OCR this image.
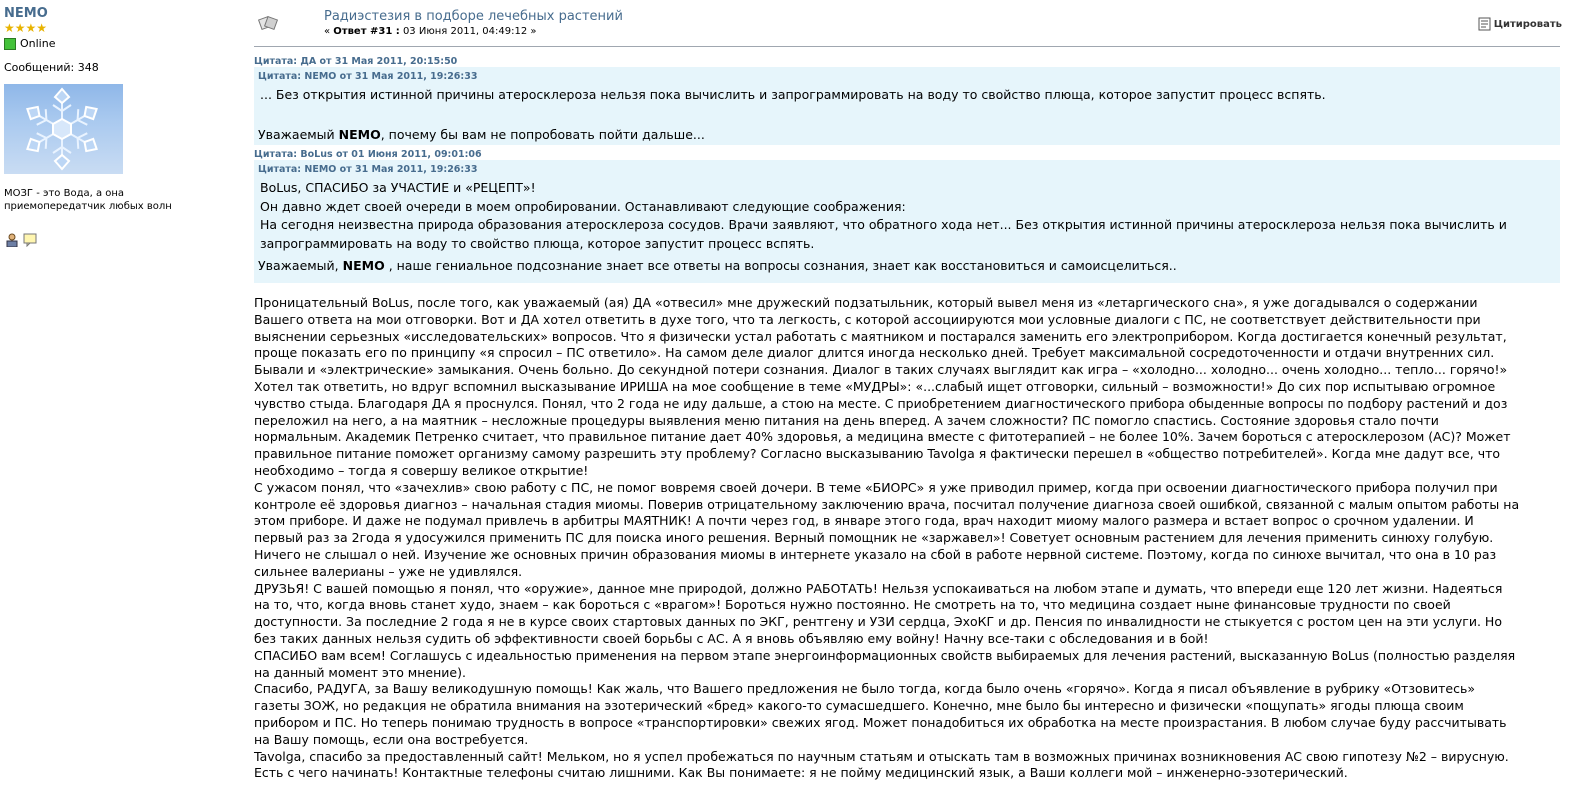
NEMO
★★★★
Online
Сообщений: 348
МОЗГ - это Вода, а она
приемопередатчик любых волн
Радиэстезия в подборе лечебных растений
« Ответ #31 : 03 Июня 2011, 04:49:12 »
Цитировать
Цитата: ДА от 31 Мая 2011, 20:15:50
Цитата: NEMO от 31 Мая 2011, 19:26:33
... Без открытия истинной причины атеросклероза нельзя пока вычислить и запрограммировать на воду то свойство плюща, которое запустит процесс вспять.
Уважаемый NEMO, почему бы вам не попробовать пойти дальше...
Цитата: BoLus от 01 Июня 2011, 09:01:06
Цитата: NEMO от 31 Мая 2011, 19:26:33
BoLus, СПАСИБО за УЧАСТИЕ и «РЕЦЕПТ»!
Он давно ждет своей очереди в моем опробировании. Останавливают следующие соображения:
На сегодня неизвестна природа образования атеросклероза сосудов. Врачи заявляют, что обратного хода нет... Без открытия истинной причины атеросклероза нельзя пока вычислить и
запрограммировать на воду то свойство плюща, которое запустит процесс вспять.
Уважаемый, NEMO , наше гениальное подсознание знает все ответы на вопросы сознания, знает как восстановиться и самоисцелиться..

Проницательный BoLus, после того, как уважаемый (ая) ДА «отвесил» мне дружеский подзатыльник, который вывел меня из «летаргического сна», я уже догадывался о содержании

Вашего ответа на мои отговорки. Вот и ДА хотел ответить в духе того, что та легкость, с которой ассоциируются мои условные диалоги с ПС, не соответствует действительности при

выяснении серьезных «исследовательских» вопросов. Что я физически устал работать с маятником и постарался заменить его электроприбором. Когда достигается конечный результат,

проще показать его по принципу «я спросил – ПС ответило». На самом деле диалог длится иногда несколько дней. Требует максимальной сосредоточенности и отдачи внутренних сил.

Бывали и «электрические» замыкания. Очень больно. До секундной потери сознания. Диалог в таких случаях выглядит как игра – «холодно... холодно... очень холодно... тепло... горячо!»

Хотел так ответить, но вдруг вспомнил высказывание ИРИША на мое сообщение в теме «МУДРЫ»: «...слабый ищет отговорки, сильный – возможности!» До сих пор испытываю огромное

чувство стыда. Благодаря ДА я проснулся. Понял, что 2 года не иду дальше, а стою на месте. С приобретением диагностического прибора обыденные вопросы по подбору растений и доз

переложил на него, а на маятник – несложные процедуры выявления меню питания на день вперед. А зачем сложности? ПС помогло спастись. Состояние здоровья стало почти

нормальным. Академик Петренко считает, что правильное питание дает 40% здоровья, а медицина вместе с фитотерапией – не более 10%. Зачем бороться с атеросклерозом (АС)? Может

правильное питание поможет организму самому разрешить эту проблему? Согласно высказыванию Tavolga я фактически перешел в «общество потребителей». Когда мне дадут все, что

необходимо – тогда я совершу великое открытие!

С ужасом понял, что «зачехлив» свою работу с ПС, не помог вовремя своей дочери. В теме «БИОРС» я уже приводил пример, когда при освоении диагностического прибора получил при

контроле её здоровья диагноз – начальная стадия миомы. Поверив отрицательному заключению врача, посчитал получение диагноза своей ошибкой, связанной с малым опытом работы на

этом приборе. И даже не подумал привлечь в арбитры МАЯТНИК! А почти через год, в январе этого года, врач находит миому малого размера и встает вопрос о срочном удалении. И

первый раз за 2года я удосужился применить ПС для поиска иного решения. Верный помощник не «заржавел»! Советует основным растением для лечения применить синюху голубую.

Ничего не слышал о ней. Изучение же основных причин образования миомы в интернете указало на сбой в работе нервной системе. Поэтому, когда по синюхе вычитал, что она в 10 раз

сильнее валерианы – уже не удивлялся.

ДРУЗЬЯ! С вашей помощью я понял, что «оружие», данное мне природой, должно РАБОТАТЬ! Нельзя успокаиваться на любом этапе и думать, что впереди еще 120 лет жизни. Надеяться

на то, что, когда вновь станет худо, знаем – как бороться с «врагом»! Бороться нужно постоянно. Не смотреть на то, что медицина создает ныне финансовые трудности по своей

доступности. За последние 2 года я не в курсе своих стартовых данных по ЭКГ, рентгену и УЗИ сердца, ЭхоКГ и др. Пенсия по инвалидности не стыкуется с ростом цен на эти услуги. Но

без таких данных нельзя судить об эффективности своей борьбы с АС. А я вновь объявляю ему войну! Начну все-таки с обследования и в бой!

СПАСИБО вам всем! Соглашусь с идеальностью применения на первом этапе энергоинформационных свойств выбираемых для лечения растений, высказанную BoLus (полностью разделяя

на данный момент это мнение).

Спасибо, РАДУГА, за Вашу великодушную помощь! Как жаль, что Вашего предложения не было тогда, когда было очень «горячо». Когда я писал объявление в рубрику «Отзовитесь»

газеты ЗОЖ, но редакция не обратила внимания на эзотерический «бред» какого-то сумасшедшего. Конечно, мне было бы интересно и физически «пощупать» ягоды плюща своим

прибором и ПС. Но теперь понимаю трудность в вопросе «транспортировки» свежих ягод. Может понадобиться их обработка на месте произрастания. В любом случае буду рассчитывать

на Вашу помощь, если она востребуется.

Tavolga, спасибо за предоставленный сайт! Мельком, но я успел пробежаться по научным статьям и отыскать там в возможных причинах возникновения АС свою гипотезу №2 – вирусную.

Есть с чего начинать! Контактные телефоны считаю лишними. Как Вы понимаете: я не пойму медицинский язык, а Ваши коллеги мой – инженерно-эзотерический.
